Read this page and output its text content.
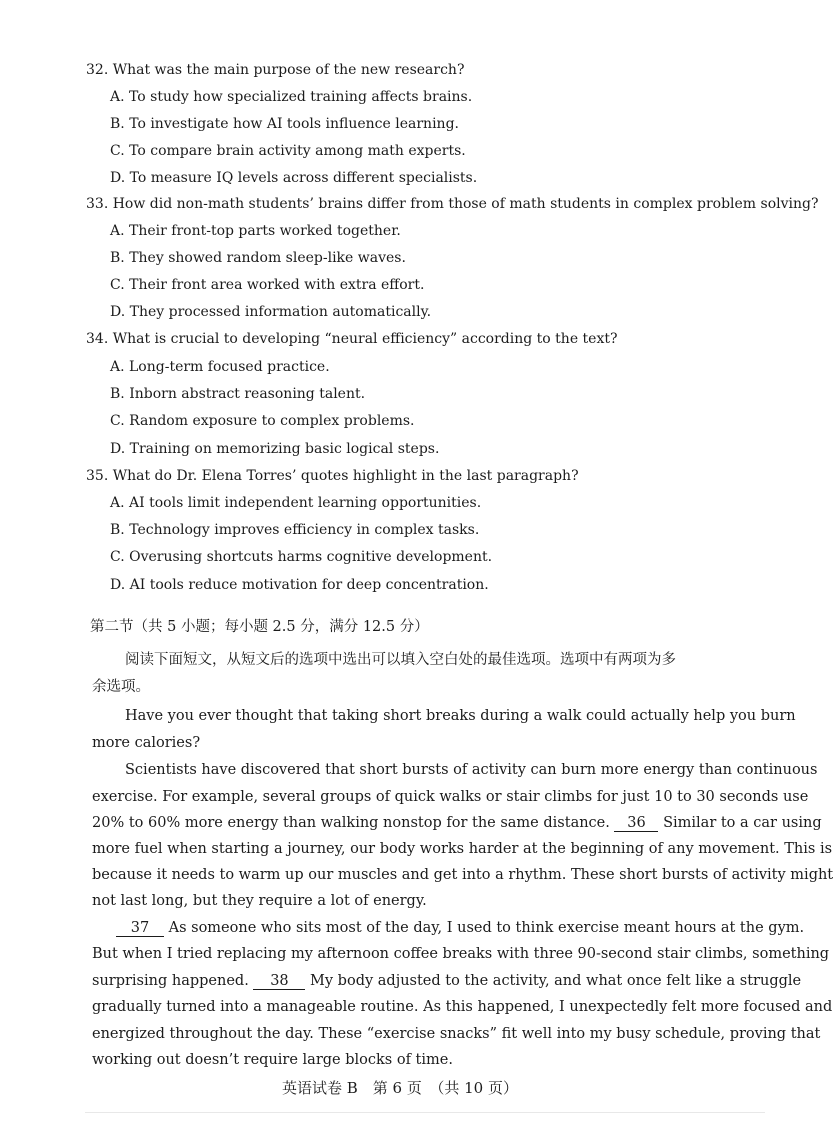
32. What was the main purpose of the new research?
A. To study how specialized training affects brains.
B. To investigate how AI tools influence learning.
C. To compare brain activity among math experts.
D. To measure IQ levels across different specialists.
33. How did non-math students’ brains differ from those of math students in complex problem solving?
A. Their front-top parts worked together.
B. They showed random sleep-like waves.
C. Their front area worked with extra effort.
D. They processed information automatically.
34. What is crucial to developing “neural efficiency” according to the text?
A. Long-term focused practice.
B. Inborn abstract reasoning talent.
C. Random exposure to complex problems.
D. Training on memorizing basic logical steps.
35. What do Dr. Elena Torres’ quotes highlight in the last paragraph?
A. AI tools limit independent learning opportunities.
B. Technology improves efficiency in complex tasks.
C. Overusing shortcuts harms cognitive development.
D. AI tools reduce motivation for deep concentration.
第二节（共 5 小题；每小题 2.5 分，满分 12.5 分）
阅读下面短文，从短文后的选项中选出可以填入空白处的最佳选项。选项中有两项为多
余选项。
Have you ever thought that taking short breaks during a walk could actually help you burn
more calories?
Scientists have discovered that short bursts of activity can burn more energy than continuous
exercise. For example, several groups of quick walks or stair climbs for just 10 to 30 seconds use
20% to 60% more energy than walking nonstop for the same distance. 36 Similar to a car using
more fuel when starting a journey, our body works harder at the beginning of any movement. This is
because it needs to warm up our muscles and get into a rhythm. These short bursts of activity might
not last long, but they require a lot of energy.
37 As someone who sits most of the day, I used to think exercise meant hours at the gym.
But when I tried replacing my afternoon coffee breaks with three 90-second stair climbs, something
surprising happened. 38 My body adjusted to the activity, and what once felt like a struggle
gradually turned into a manageable routine. As this happened, I unexpectedly felt more focused and
energized throughout the day. These “exercise snacks” fit well into my busy schedule, proving that
working out doesn’t require large blocks of time.
英语试卷 B　第 6 页　（共 10 页）
